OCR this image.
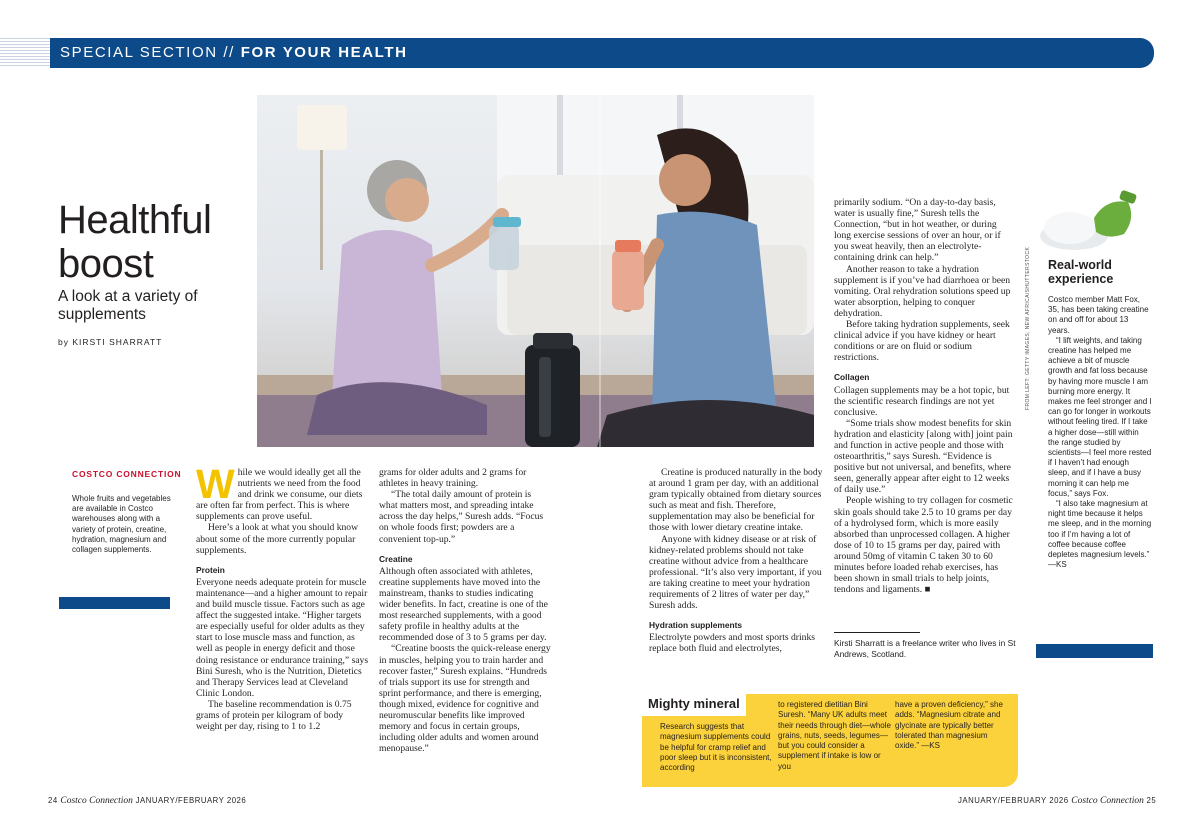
SPECIAL SECTION // FOR YOUR HEALTH
Healthful boost
A look at a variety of supplements
by KIRSTI SHARRATT
COSTCO CONNECTION
Whole fruits and vegetables are available in Costco warehouses along with a variety of protein, creatine, hydration, magnesium and collagen supplements.

While we would ideally get all the nutrients we need from the food and drink we consume, our diets are often far from perfect. This is where supplements can prove useful.

Here’s a look at what you should know about some of the more currently popular supplements.

Protein

Everyone needs adequate protein for muscle maintenance—and a higher amount to repair and build muscle tissue. Factors such as age affect the suggested intake. “Higher targets are especially useful for older adults as they start to lose muscle mass and function, as well as people in energy deficit and those doing resistance or endurance training,” says Bini Suresh, who is the Nutrition, Dietetics and Therapy Services lead at Cleveland Clinic London.

The baseline recommendation is 0.75 grams of protein per kilogram of body weight per day, rising to 1 to 1.2

grams for older adults and 2 grams for athletes in heavy training.

“The total daily amount of protein is what matters most, and spreading intake across the day helps,” Suresh adds. “Focus on whole foods first; powders are a convenient top-up.”

Creatine

Although often associated with athletes, creatine supplements have moved into the mainstream, thanks to studies indicating wider benefits. In fact, creatine is one of the most researched supplements, with a good safety profile in healthy adults at the recommended dose of 3 to 5 grams per day.

“Creatine boosts the quick-release energy in muscles, helping you to train harder and recover faster,” Suresh explains. “Hundreds of trials support its use for strength and sprint performance, and there is emerging, though mixed, evidence for cognitive and neuromuscular benefits like improved memory and focus in certain groups, including older adults and women around menopause.”

Creatine is produced naturally in the body at around 1 gram per day, with an additional gram typically obtained from dietary sources such as meat and fish. Therefore, supplementation may also be beneficial for those with lower dietary creatine intake.

Anyone with kidney disease or at risk of kidney-related problems should not take creatine without advice from a healthcare professional. “It’s also very important, if you are taking creatine to meet your hydration requirements of 2 litres of water per day,” Suresh adds.

Hydration supplements

Electrolyte powders and most sports drinks replace both fluid and electrolytes,

primarily sodium. “On a day-to-day basis, water is usually fine,” Suresh tells the Connection, “but in hot weather, or during long exercise sessions of over an hour, or if you sweat heavily, then an electrolyte-containing drink can help.”

Another reason to take a hydration supplement is if you’ve had diarrhoea or been vomiting. Oral rehydration solutions speed up water absorption, helping to conquer dehydration.

Before taking hydration supplements, seek clinical advice if you have kidney or heart conditions or are on fluid or sodium restrictions.

Collagen

Collagen supplements may be a hot topic, but the scientific research findings are not yet conclusive.

“Some trials show modest benefits for skin hydration and elasticity [along with] joint pain and function in active people and those with osteoarthritis,” says Suresh. “Evidence is positive but not universal, and benefits, where seen, generally appear after eight to 12 weeks of daily use.”

People wishing to try collagen for cosmetic skin goals should take 2.5 to 10 grams per day of a hydrolysed form, which is more easily absorbed than unprocessed collagen. A higher dose of 10 to 15 grams per day, paired with around 50mg of vitamin C taken 30 to 60 minutes before loaded rehab exercises, has been shown in small trials to help joints, tendons and ligaments. ■

Kirsti Sharratt is a freelance writer who lives in St Andrews, Scotland.
FROM LEFT: GETTY IMAGES; NEW AFRICA/SHUTTERSTOCK Real-world experience

Costco member Matt Fox, 35, has been taking creatine on and off for about 13 years.

“I lift weights, and taking creatine has helped me achieve a bit of muscle growth and fat loss because by having more muscle I am burning more energy. It makes me feel stronger and I can go for longer in workouts without feeling tired. If I take a higher dose—still within the range studied by scientists—I feel more rested if I haven’t had enough sleep, and if I have a busy morning it can help me focus,” says Fox.

“I also take magnesium at night time because it helps me sleep, and in the morning too if I’m having a lot of coffee because coffee depletes magnesium levels.” —KS

Mighty mineral
Research suggests that magnesium supplements could be helpful for cramp relief and poor sleep but it is inconsistent, according
to registered dietitian Bini Suresh. “Many UK adults meet their needs through diet—whole grains, nuts, seeds, legumes—but you could consider a supplement if intake is low or you
have a proven deficiency,” she adds. “Magnesium citrate and glycinate are typically better tolerated than magnesium oxide.” —KS
24 Costco Connection JANUARY/FEBRUARY 2026	JANUARY/FEBRUARY 2026 Costco Connection 25
